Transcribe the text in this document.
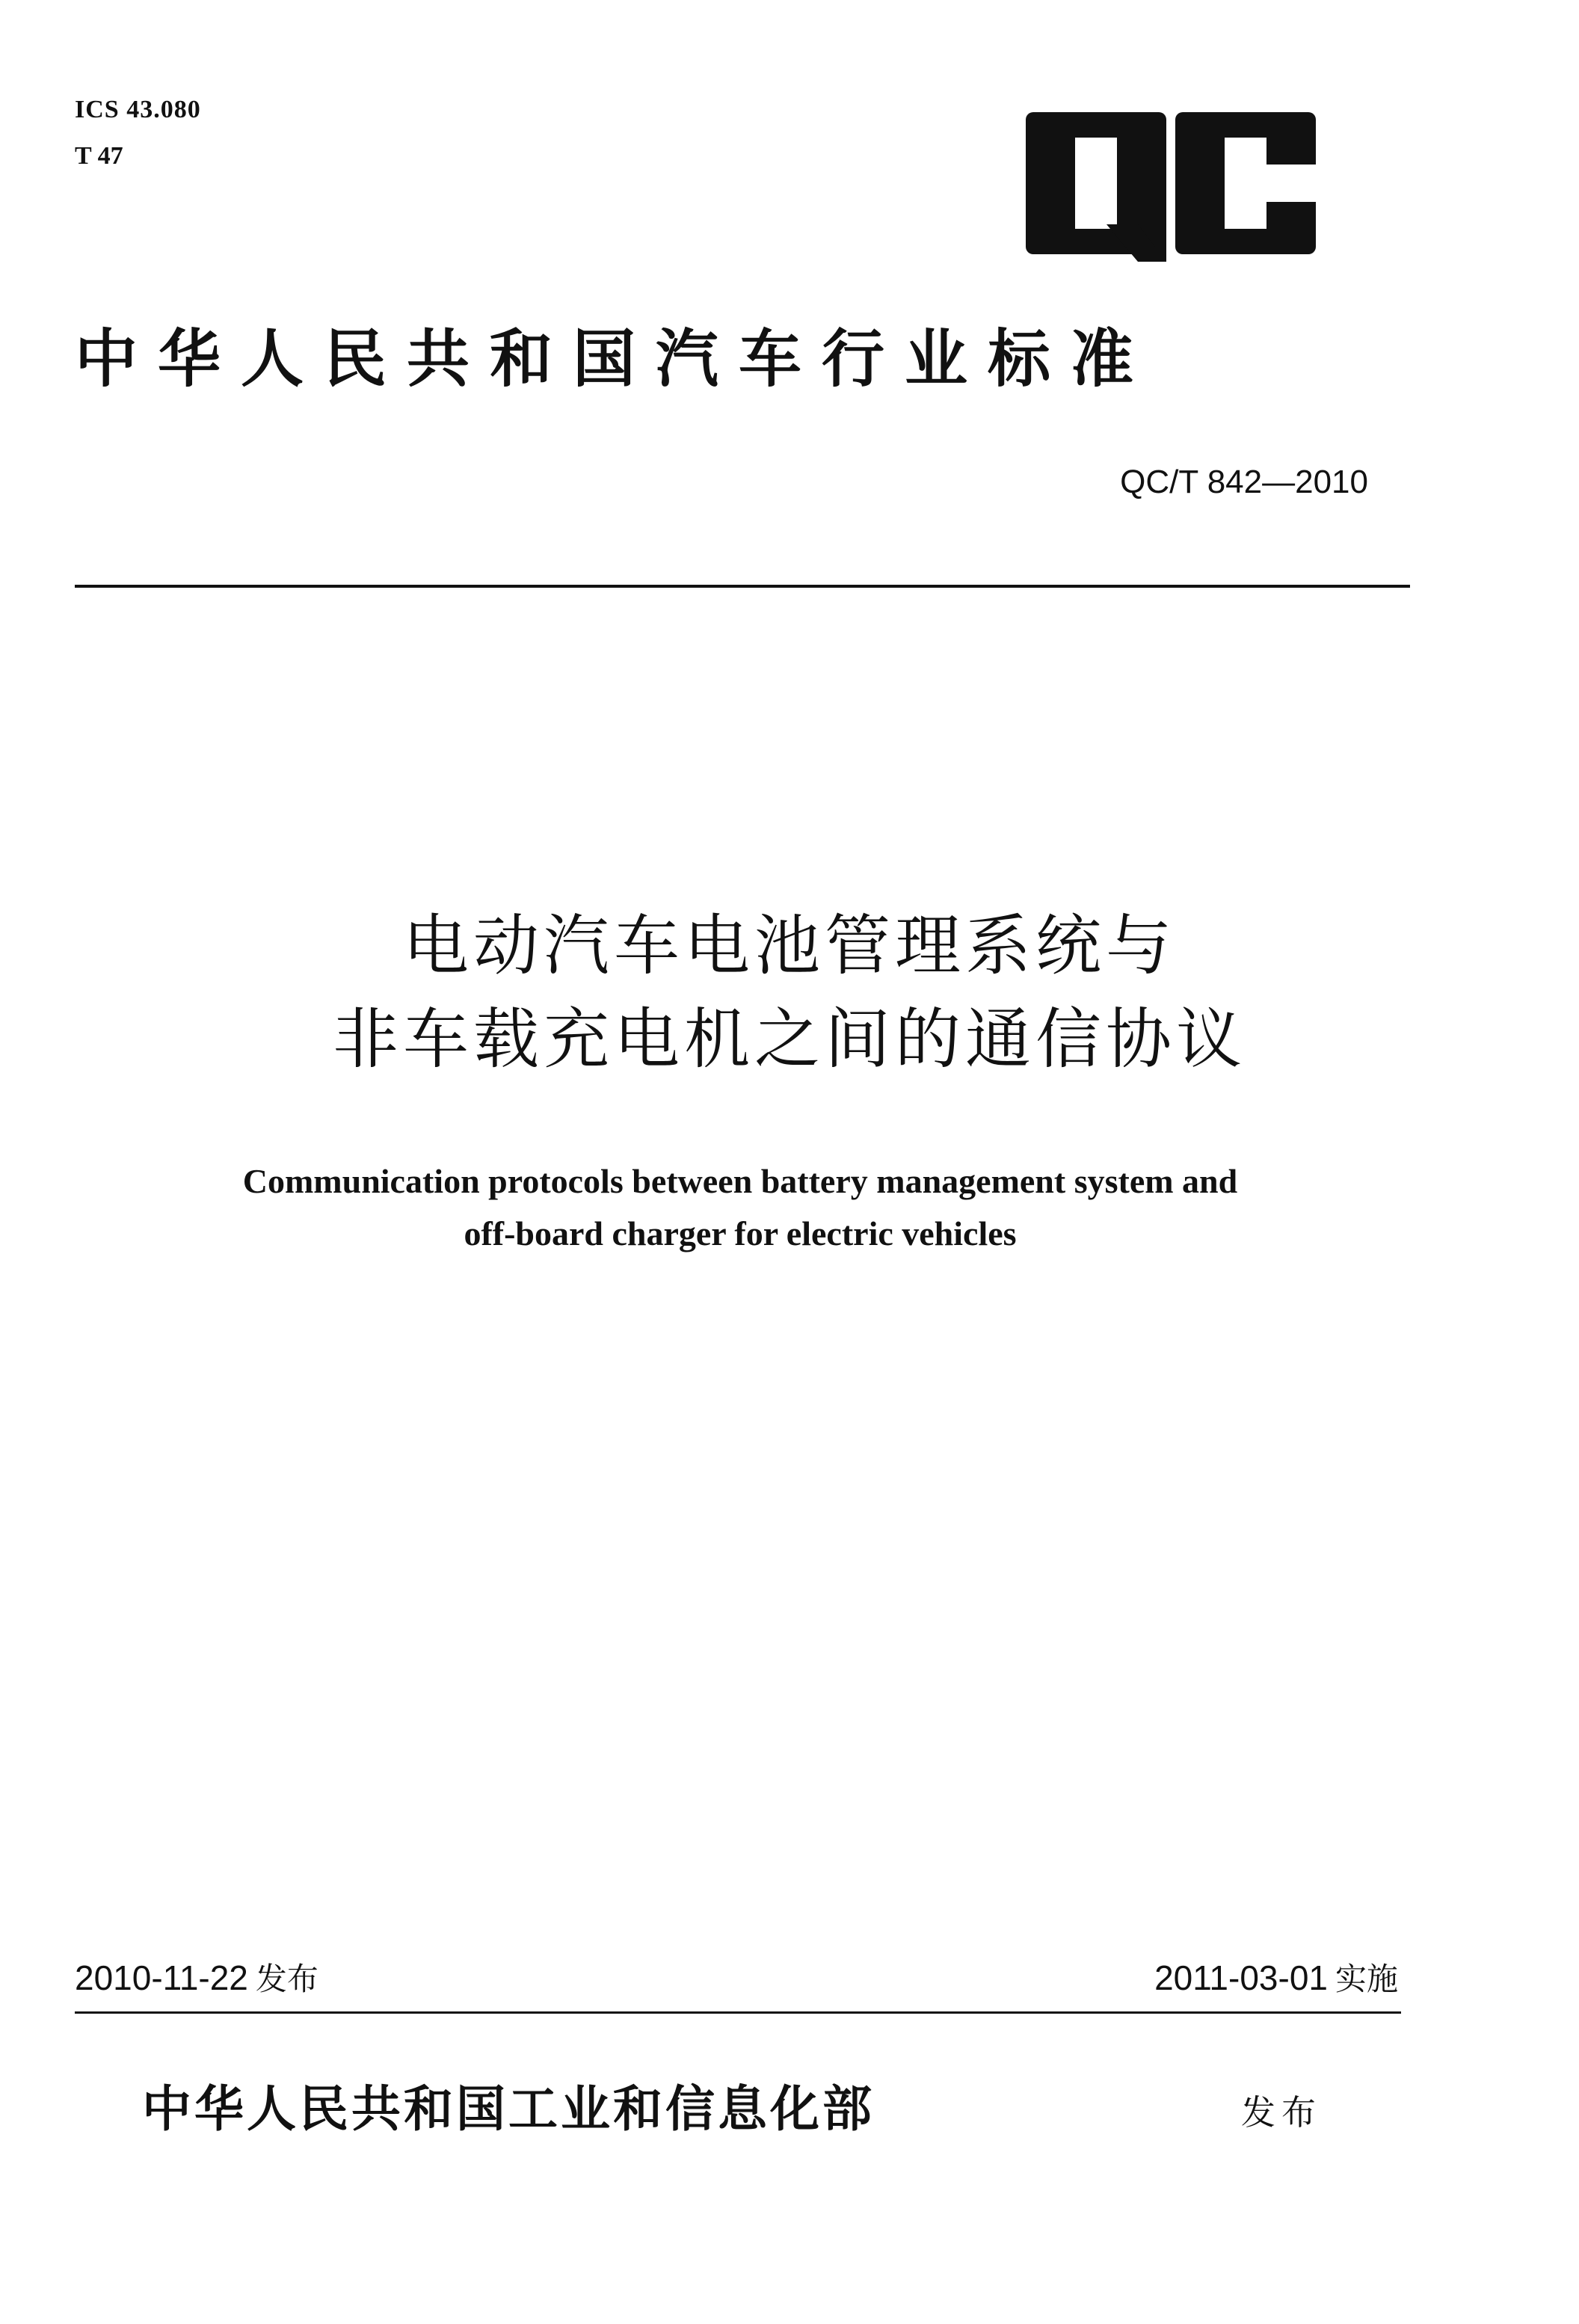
ICS 43.080
T 47
中华人民共和国汽车行业标准
QC/T 842—2010
电动汽车电池管理系统与
非车载充电机之间的通信协议
Communication protocols between battery management system and
off-board charger for electric vehicles
2010-11-22 发布	2011-03-01 实施
中华人民共和国工业和信息化部	发布
